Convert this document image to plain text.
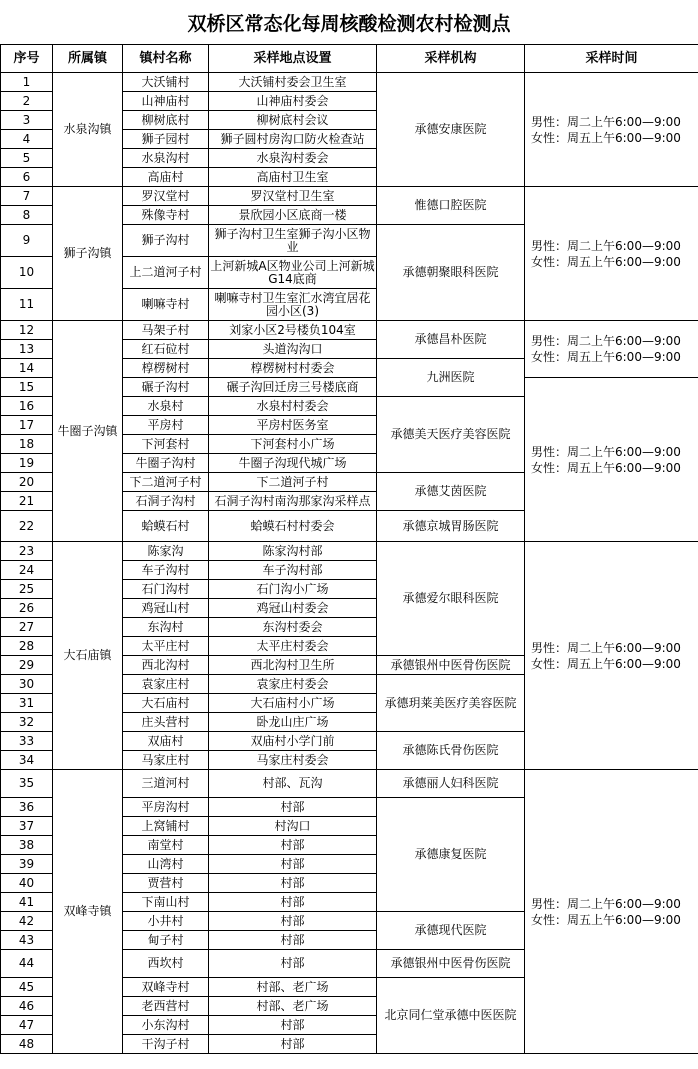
双桥区常态化每周核酸检测农村检测点
序号	所属镇	镇村名称	采样地点设置	采样机构	采样时间
1	水泉沟镇	大沃铺村	大沃铺村委会卫生室	承德安康医院	男性：周二上午6:00—9:00
女性：周五上午6:00—9:00

2		山神庙村	山神庙村委会		
3		柳树底村	柳树底村会议		
4		狮子园村	狮子圆村房沟口防火检查站		
5		水泉沟村	水泉沟村委会		
6		高庙村	高庙村卫生室		
7	狮子沟镇	罗汉堂村	罗汉堂村卫生室	惟德口腔医院	男性：周二上午6:00—9:00
女性：周五上午6:00—9:00

8		殊像寺村	景欣园小区底商一楼		
9		狮子沟村	狮子沟村卫生室狮子沟小区物业	承德朝聚眼科医院	
10		上二道河子村	上河新城A区物业公司上河新城G14底商		
11		喇嘛寺村	喇嘛寺村卫生室汇水湾宜居花园小区(3)		
12	牛圈子沟镇	马架子村	刘家小区2号楼负104室	承德昌朴医院	男性：周二上午6:00—9:00
女性：周五上午6:00—9:00

13		红石砬村	头道沟沟口		
14		椁楞树村	椁楞树村村委会	九洲医院	
15		碾子沟村	碾子沟回迁房三号楼底商		男性：周二上午6:00—9:00
女性：周五上午6:00—9:00

16		水泉村	水泉村村委会	承德美天医疗美容医院	
17		平房村	平房村医务室		
18		下河套村	下河套村小广场		
19		牛圈子沟村	牛圈子沟现代城广场		
20		下二道河子村	下二道河子村	承德艾茵医院	
21		石洞子沟村	石洞子沟村南沟那家沟采样点		
22		蛤蟆石村	蛤蟆石村村委会	承德京城胃肠医院	
23	大石庙镇	陈家沟	陈家沟村部	承德爱尔眼科医院	男性：周二上午6:00—9:00
女性：周五上午6:00—9:00

24		车子沟村	车子沟村部		
25		石门沟村	石门沟小广场		
26		鸡冠山村	鸡冠山村委会		
27		东沟村	东沟村委会		
28		太平庄村	太平庄村委会		
29		西北沟村	西北沟村卫生所	承德银州中医骨伤医院	
30		袁家庄村	袁家庄村委会	承德玥莱美医疗美容医院	
31		大石庙村	大石庙村小广场		
32		庄头营村	卧龙山庄广场		
33		双庙村	双庙村小学门前	承德陈氏骨伤医院	
34		马家庄村	马家庄村委会		
35	双峰寺镇	三道河村	村部、瓦沟	承德丽人妇科医院	男性：周二上午6:00—9:00
女性：周五上午6:00—9:00

36		平房沟村	村部	承德康复医院	
37		上窝铺村	村沟口		
38		南堂村	村部		
39		山湾村	村部		
40		贾营村	村部		
41		下南山村	村部		
42		小井村	村部	承德现代医院	
43		甸子村	村部		
44		西坎村	村部	承德银州中医骨伤医院	
45		双峰寺村	村部、老广场	北京同仁堂承德中医医院	
46		老西营村	村部、老广场		
47		小东沟村	村部		
48		干沟子村	村部		
